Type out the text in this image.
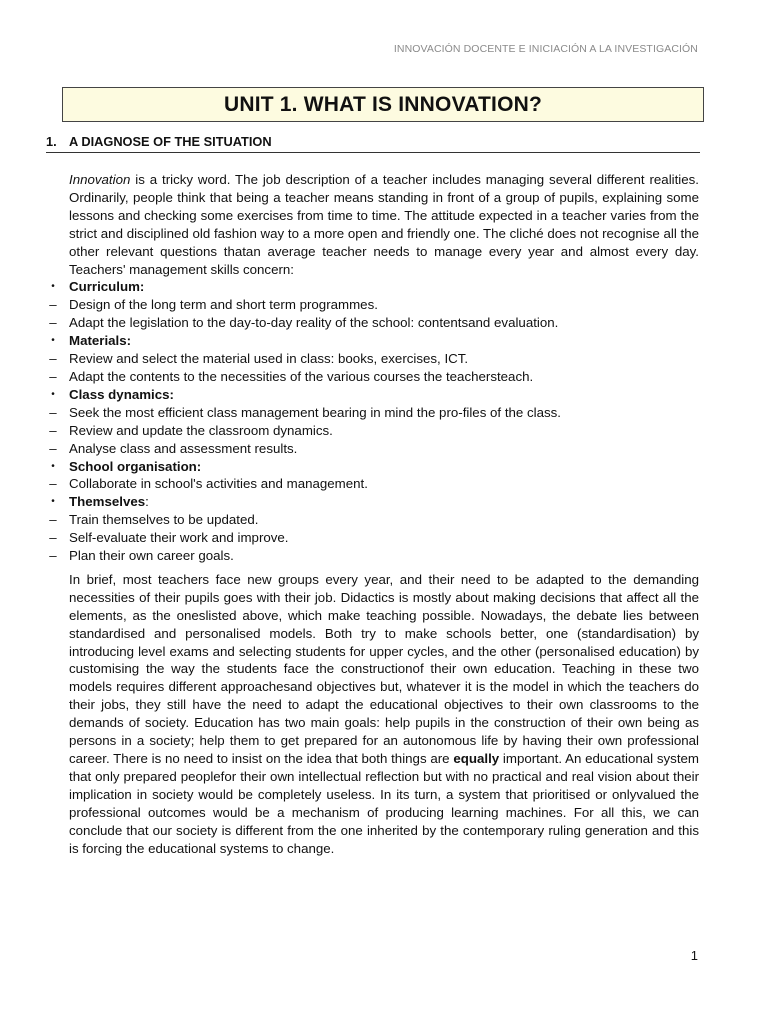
INNOVACIÓN DOCENTE E INICIACIÓN A LA INVESTIGACIÓN
UNIT 1. WHAT IS INNOVATION?
1. A DIAGNOSE OF THE SITUATION

Innovation is a tricky word. The job description of a teacher includes managing several different realities. Ordinarily, people think that being a teacher means standing in front of a group of pupils, explaining some lessons and checking some exercises from time to time. The attitude expected in a teacher varies from the strict and disciplined old fashion way to a more open and friendly one. The cliché does not recognise all the other relevant questions thatan average teacher needs to manage every year and almost every day. Teachers' management skills concern:

•	Curriculum:
– Design of the long term and short term programmes.
– Adapt the legislation to the day-to-day reality of the school: contentsand evaluation.
•	Materials:
– Review and select the material used in class: books, exercises, ICT.
– Adapt the contents to the necessities of the various courses the teachersteach.
•	Class dynamics:
– Seek the most efficient class management bearing in mind the pro-files of the class.
– Review and update the classroom dynamics.
– Analyse class and assessment results.
•	School organisation:
– Collaborate in school's activities and management.
•	Themselves:
– Train themselves to be updated.
– Self-evaluate their work and improve.
– Plan their own career goals.

In brief, most teachers face new groups every year, and their need to be adapted to the demanding necessities of their pupils goes with their job. Didactics is mostly about making decisions that affect all the elements, as the oneslisted above, which make teaching possible. Nowadays, the debate lies between standardised and personalised models. Both try to make schools better, one (standardisation) by introducing level exams and selecting students for upper cycles, and the other (personalised education) by customising the way the students face the constructionof their own education. Teaching in these two models requires different approachesand objectives but, whatever it is the model in which the teachers do their jobs, they still have the need to adapt the educational objectives to their own classrooms to the demands of society. Education has two main goals: help pupils in the construction of their own being as persons in a society; help them to get prepared for an autonomous life by having their own professional career. There is no need to insist on the idea that both things are equally important. An educational system that only prepared peoplefor their own intellectual reflection but with no practical and real vision about their implication in society would be completely useless. In its turn, a system that prioritised or onlyvalued the professional outcomes would be a mechanism of producing learning machines. For all this, we can conclude that our society is different from the one inherited by the contemporary ruling generation and this is forcing the educational systems to change.

1
